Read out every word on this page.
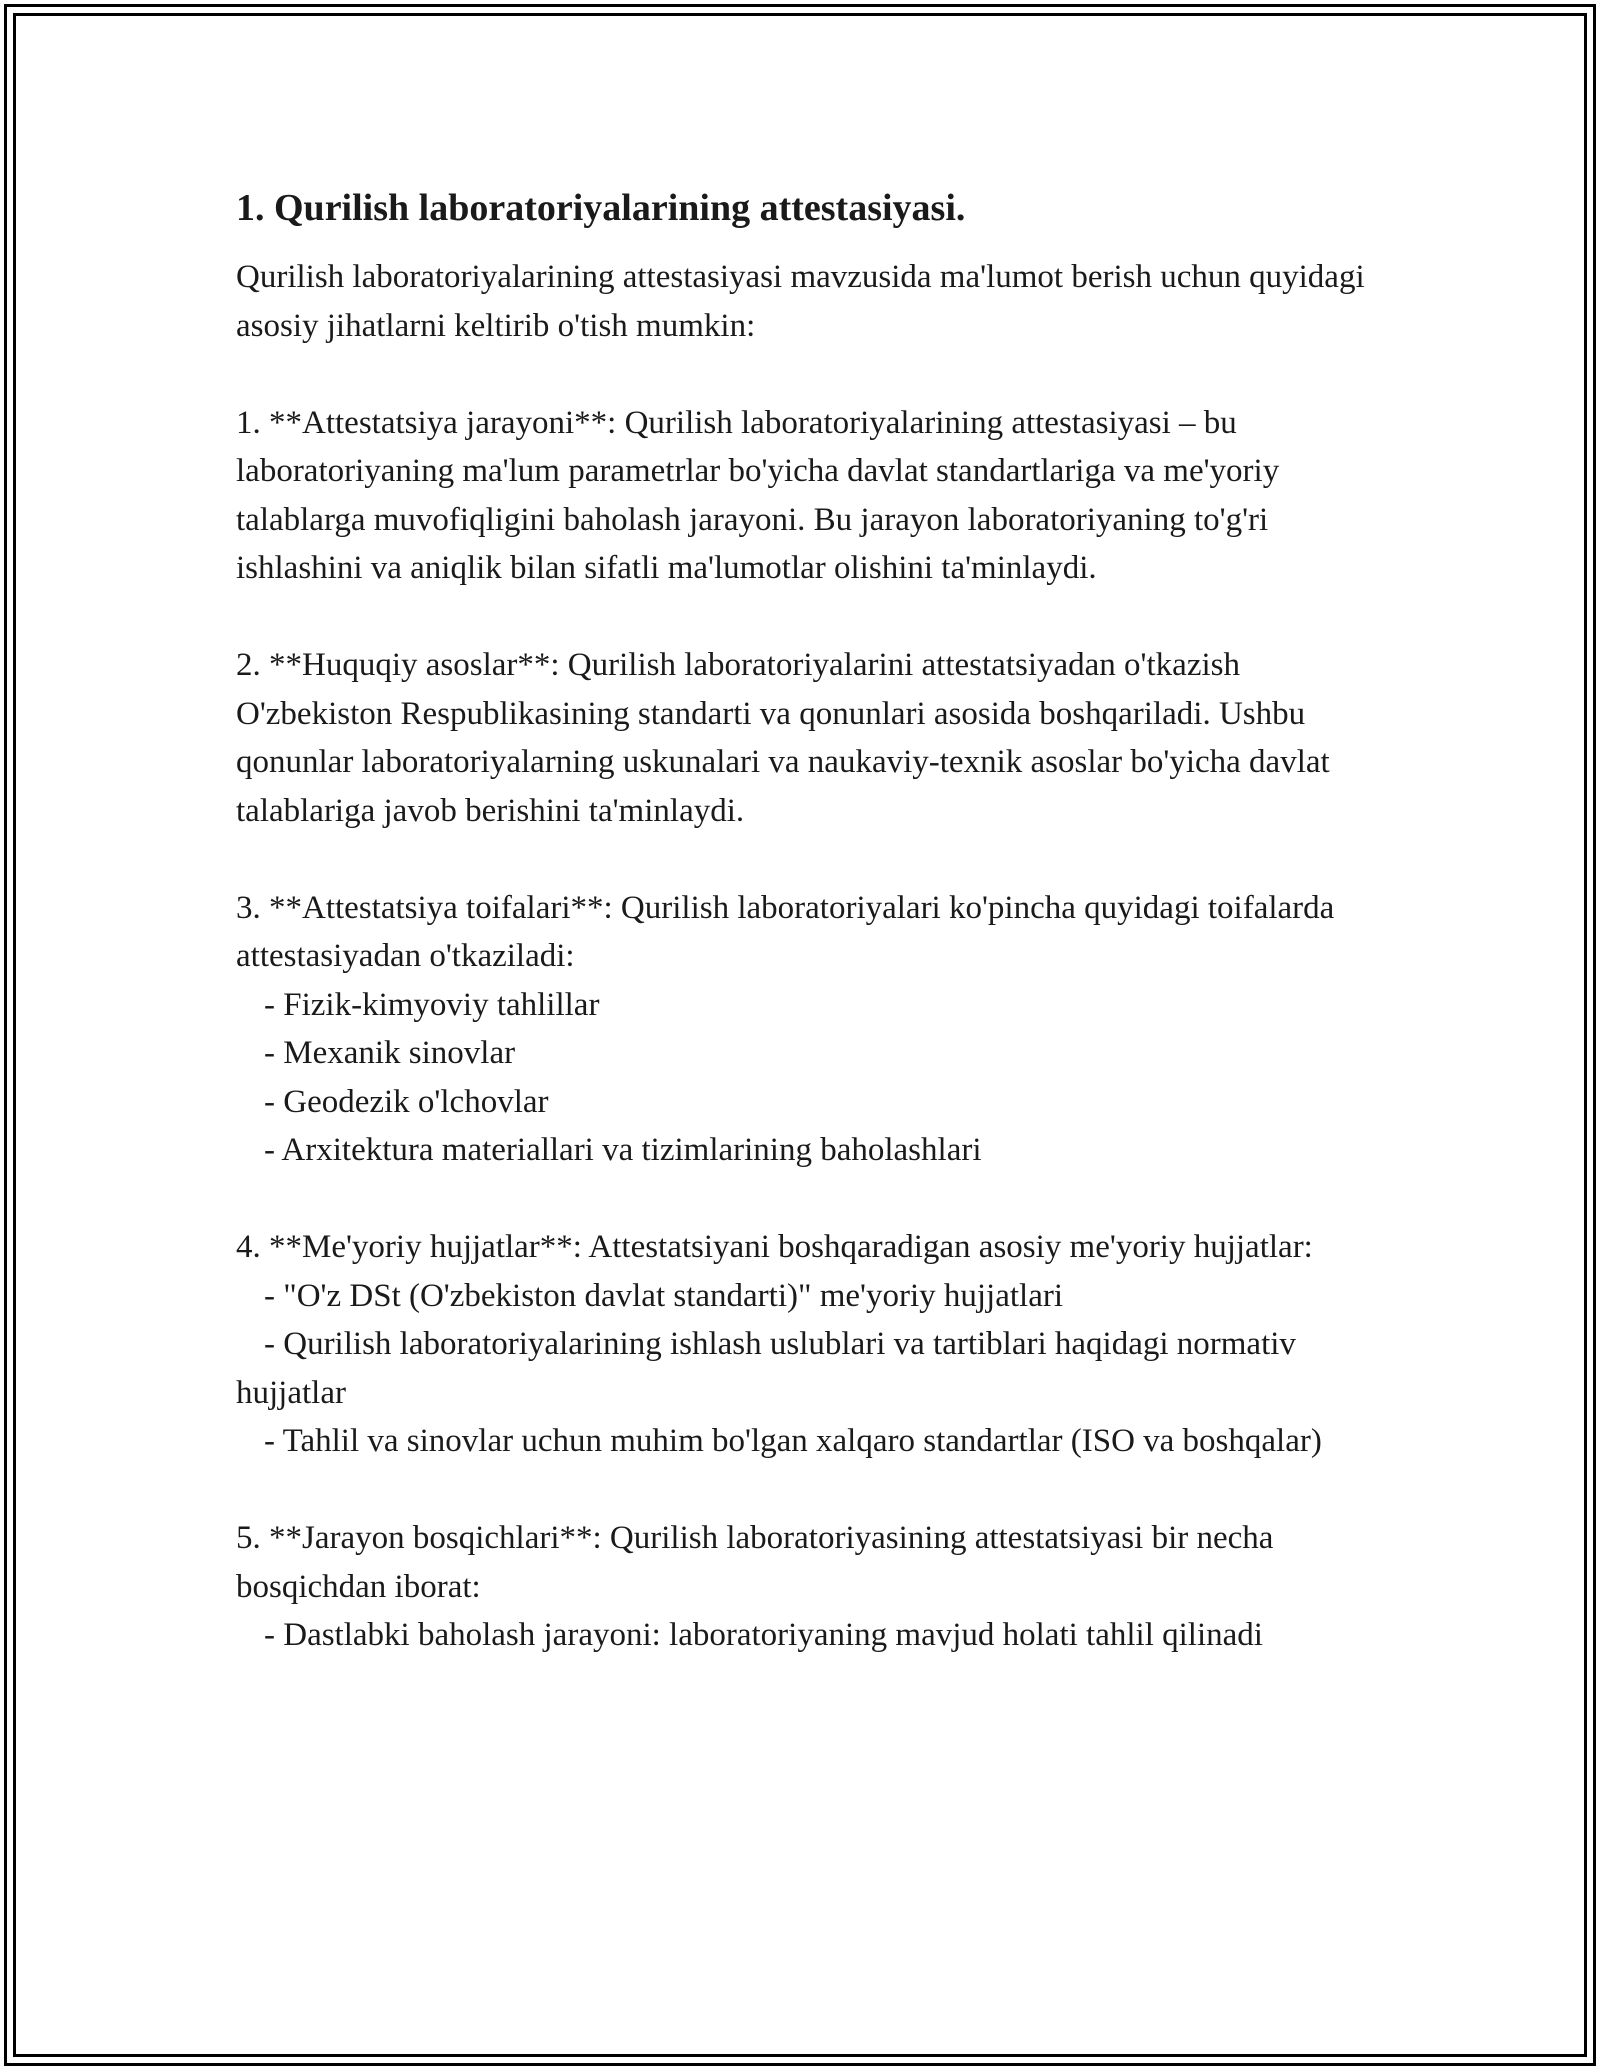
1. Qurilish laboratoriyalarining attestasiyasi.

Qurilish laboratoriyalarining attestasiyasi mavzusida ma'lumot berish uchun quyidagi asosiy jihatlarni keltirib o'tish mumkin:

1. **Attestatsiya jarayoni**: Qurilish laboratoriyalarining attestasiyasi – bu laboratoriyaning ma'lum parametrlar bo'yicha davlat standartlariga va me'yoriy talablarga muvofiqligini baholash jarayoni. Bu jarayon laboratoriyaning to'g'ri ishlashini va aniqlik bilan sifatli ma'lumotlar olishini ta'minlaydi.

2. **Huquqiy asoslar**: Qurilish laboratoriyalarini attestatsiyadan o'tkazish O'zbekiston Respublikasining standarti va qonunlari asosida boshqariladi. Ushbu qonunlar laboratoriyalarning uskunalari va naukaviy-texnik asoslar bo'yicha davlat talablariga javob berishini ta'minlaydi.

3. **Attestatsiya toifalari**: Qurilish laboratoriyalari ko'pincha quyidagi toifalarda attestasiyadan o'tkaziladi:

- Fizik-kimyoviy tahlillar

- Mexanik sinovlar

- Geodezik o'lchovlar

- Arxitektura materiallari va tizimlarining baholashlari

4. **Me'yoriy hujjatlar**: Attestatsiyani boshqaradigan asosiy me'yoriy hujjatlar:

- "O'z DSt (O'zbekiston davlat standarti)" me'yoriy hujjatlari

- Qurilish laboratoriyalarining ishlash uslublari va tartiblari haqidagi normativ hujjatlar

- Tahlil va sinovlar uchun muhim bo'lgan xalqaro standartlar (ISO va boshqalar)

5. **Jarayon bosqichlari**: Qurilish laboratoriyasining attestatsiyasi bir necha bosqichdan iborat:

- Dastlabki baholash jarayoni: laboratoriyaning mavjud holati tahlil qilinadi
